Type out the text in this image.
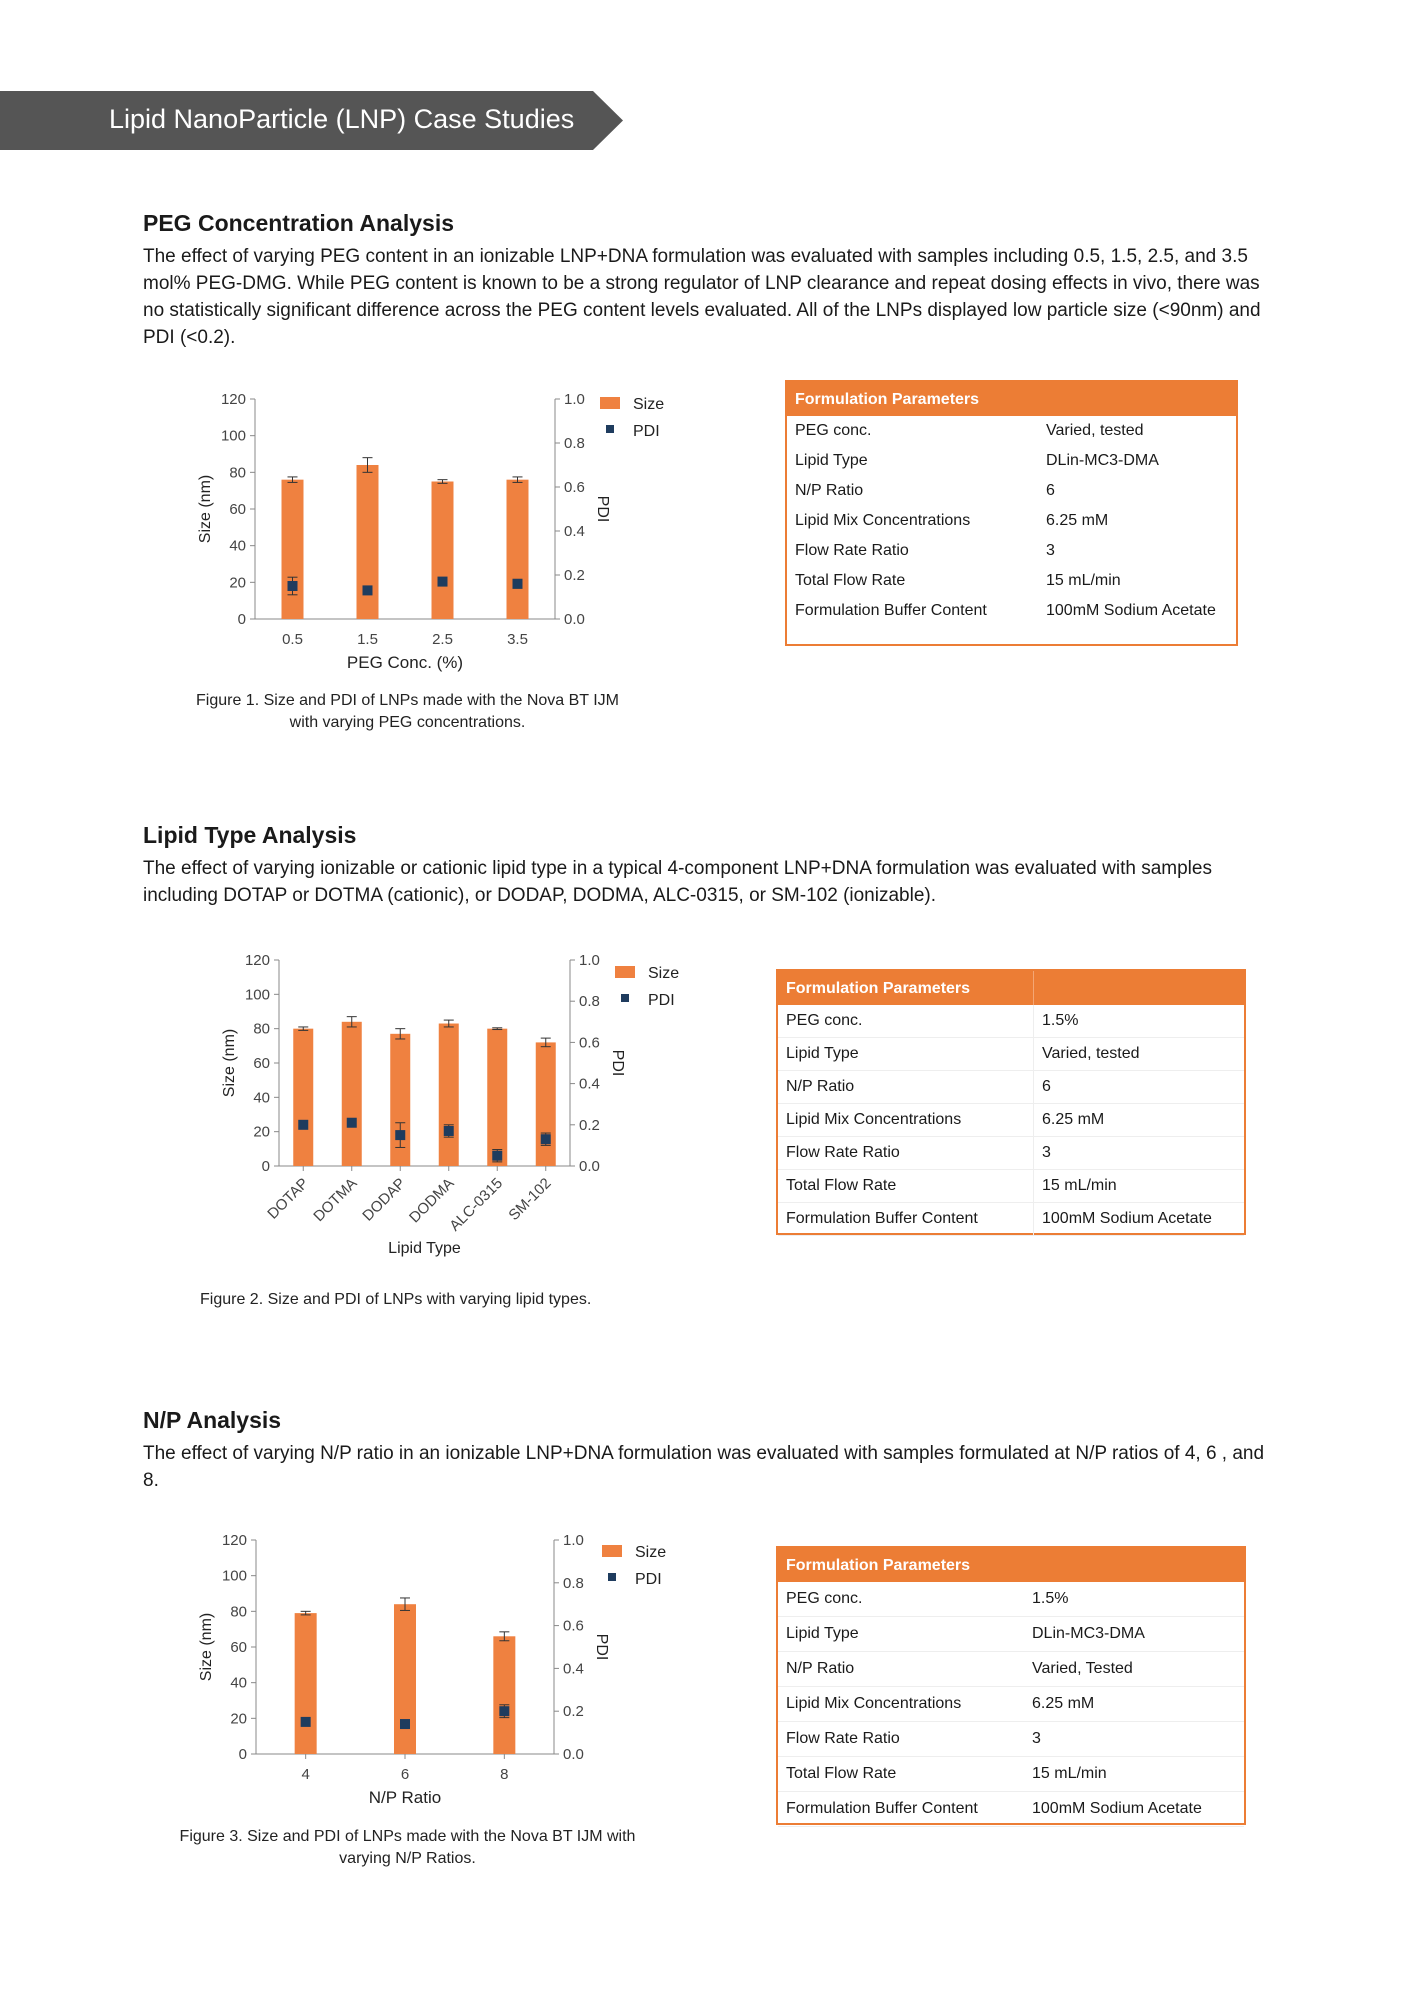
Lipid NanoParticle (LNP) Case Studies
PEG Concentration Analysis

The effect of varying PEG content in an ionizable LNP+DNA formulation was evaluated with samples including 0.5, 1.5, 2.5, and 3.5 mol% PEG-DMG. While PEG content is known to be a strong regulator of LNP clearance and repeat dosing effects in vivo, there was no statistically significant difference across the PEG content levels evaluated. All of the LNPs displayed low particle size (<90nm) and PDI (<0.2).

0
20
40
60
80
100
120
0.0
0.2
0.4
0.6
0.8
1.0
Size (nm)	PDI
0.5	1.5	2.5	3.5
PEG Conc. (%)
Size
PDI
Figure 1. Size and PDI of LNPs made with the Nova BT IJM with varying PEG concentrations.
Formulation Parameters
PEG conc.	Varied, tested
Lipid Type	DLin-MC3-DMA
N/P Ratio	6
Lipid Mix Concentrations	6.25 mM
Flow Rate Ratio	3
Total Flow Rate	15 mL/min
Formulation Buffer Content	100mM Sodium Acetate
Lipid Type Analysis

The effect of varying ionizable or cationic lipid type in a typical 4-component LNP+DNA formulation was evaluated with samples including DOTAP or DOTMA (cationic), or DODAP, DODMA, ALC-0315, or SM-102 (ionizable).

0
20
40
60
80
100
120
0.0
0.2
0.4
0.6
0.8
1.0
Size (nm)	PDI
DOTAP
DOTMA
DODAP
DODMA
ALC-0315 SM-102
Lipid Type
Size
PDI
Figure 2. Size and PDI of LNPs with varying lipid types.
Formulation Parameters
PEG conc.	1.5%
Lipid Type	Varied, tested
N/P Ratio	6
Lipid Mix Concentrations	6.25 mM
Flow Rate Ratio	3
Total Flow Rate	15 mL/min
Formulation Buffer Content	100mM Sodium Acetate
N/P Analysis

The effect of varying N/P ratio in an ionizable LNP+DNA formulation was evaluated with samples formulated at N/P ratios of 4, 6 , and 8.

0
20
40
60
80
100
120
0.0
0.2
0.4
0.6
0.8
1.0
Size (nm)	PDI
4	6	8
N/P Ratio
Size
PDI
Figure 3. Size and PDI of LNPs made with the Nova BT IJM with varying N/P Ratios.
Formulation Parameters
PEG conc.	1.5%
Lipid Type	DLin-MC3-DMA
N/P Ratio	Varied, Tested
Lipid Mix Concentrations	6.25 mM
Flow Rate Ratio	3
Total Flow Rate	15 mL/min
Formulation Buffer Content	100mM Sodium Acetate
